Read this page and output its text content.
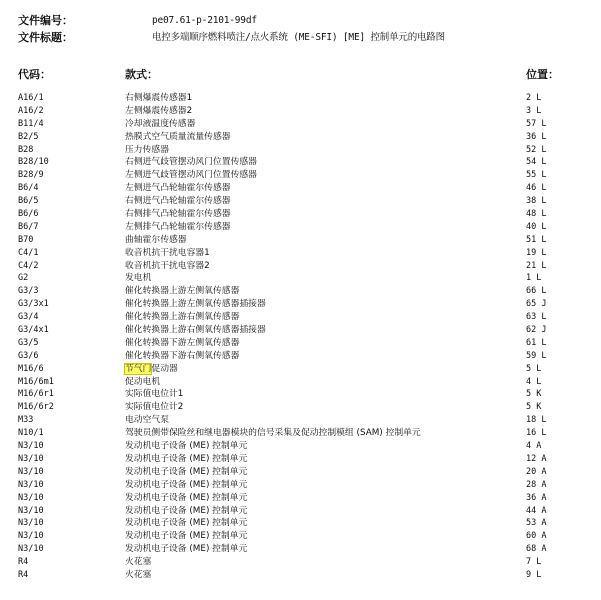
文件编号：	pe07.61-p-2101-99df
文件标题：	电控多端顺序燃料喷注/点火系统 (ME-SFI) [ME] 控制单元的电路图
代码：	款式：	位置：
A16/1	右侧爆震传感器1	2 L
A16/2	左侧爆震传感器2	3 L
B11/4	冷却液温度传感器	57 L
B2/5	热膜式空气质量流量传感器	36 L
B28	压力传感器	52 L
B28/10	右侧进气歧管摆动风门位置传感器	54 L
B28/9	左侧进气歧管摆动风门位置传感器	55 L
B6/4	左侧进气凸轮轴霍尔传感器	46 L
B6/5	右侧进气凸轮轴霍尔传感器	38 L
B6/6	右侧排气凸轮轴霍尔传感器	48 L
B6/7	左侧排气凸轮轴霍尔传感器	40 L
B70	曲轴霍尔传感器	51 L
C4/1	收音机抗干扰电容器1	19 L
C4/2	收音机抗干扰电容器2	21 L
G2	发电机	1 L
G3/3	催化转换器上游左侧氧传感器	66 L
G3/3x1	催化转换器上游左侧氧传感器插接器	65 J
G3/4	催化转换器上游右侧氧传感器	63 L
G3/4x1	催化转换器上游右侧氧传感器插接器	62 J
G3/5	催化转换器下游左侧氧传感器	61 L
G3/6	催化转换器下游右侧氧传感器	59 L
M16/6	节气门促动器	5 L
M16/6m1	促动电机	4 L
M16/6r1	实际值电位计1	5 K
M16/6r2	实际值电位计2	5 K
M33	电动空气泵	18 L
N10/1	驾驶员侧带保险丝和继电器模块的信号采集及促动控制模组 (SAM) 控制单元	16 L
N3/10	发动机电子设备 (ME) 控制单元	4 A
N3/10	发动机电子设备 (ME) 控制单元	12 A
N3/10	发动机电子设备 (ME) 控制单元	20 A
N3/10	发动机电子设备 (ME) 控制单元	28 A
N3/10	发动机电子设备 (ME) 控制单元	36 A
N3/10	发动机电子设备 (ME) 控制单元	44 A
N3/10	发动机电子设备 (ME) 控制单元	53 A
N3/10	发动机电子设备 (ME) 控制单元	60 A
N3/10	发动机电子设备 (ME) 控制单元	68 A
R4	火花塞	7 L
R4	火花塞	9 L
